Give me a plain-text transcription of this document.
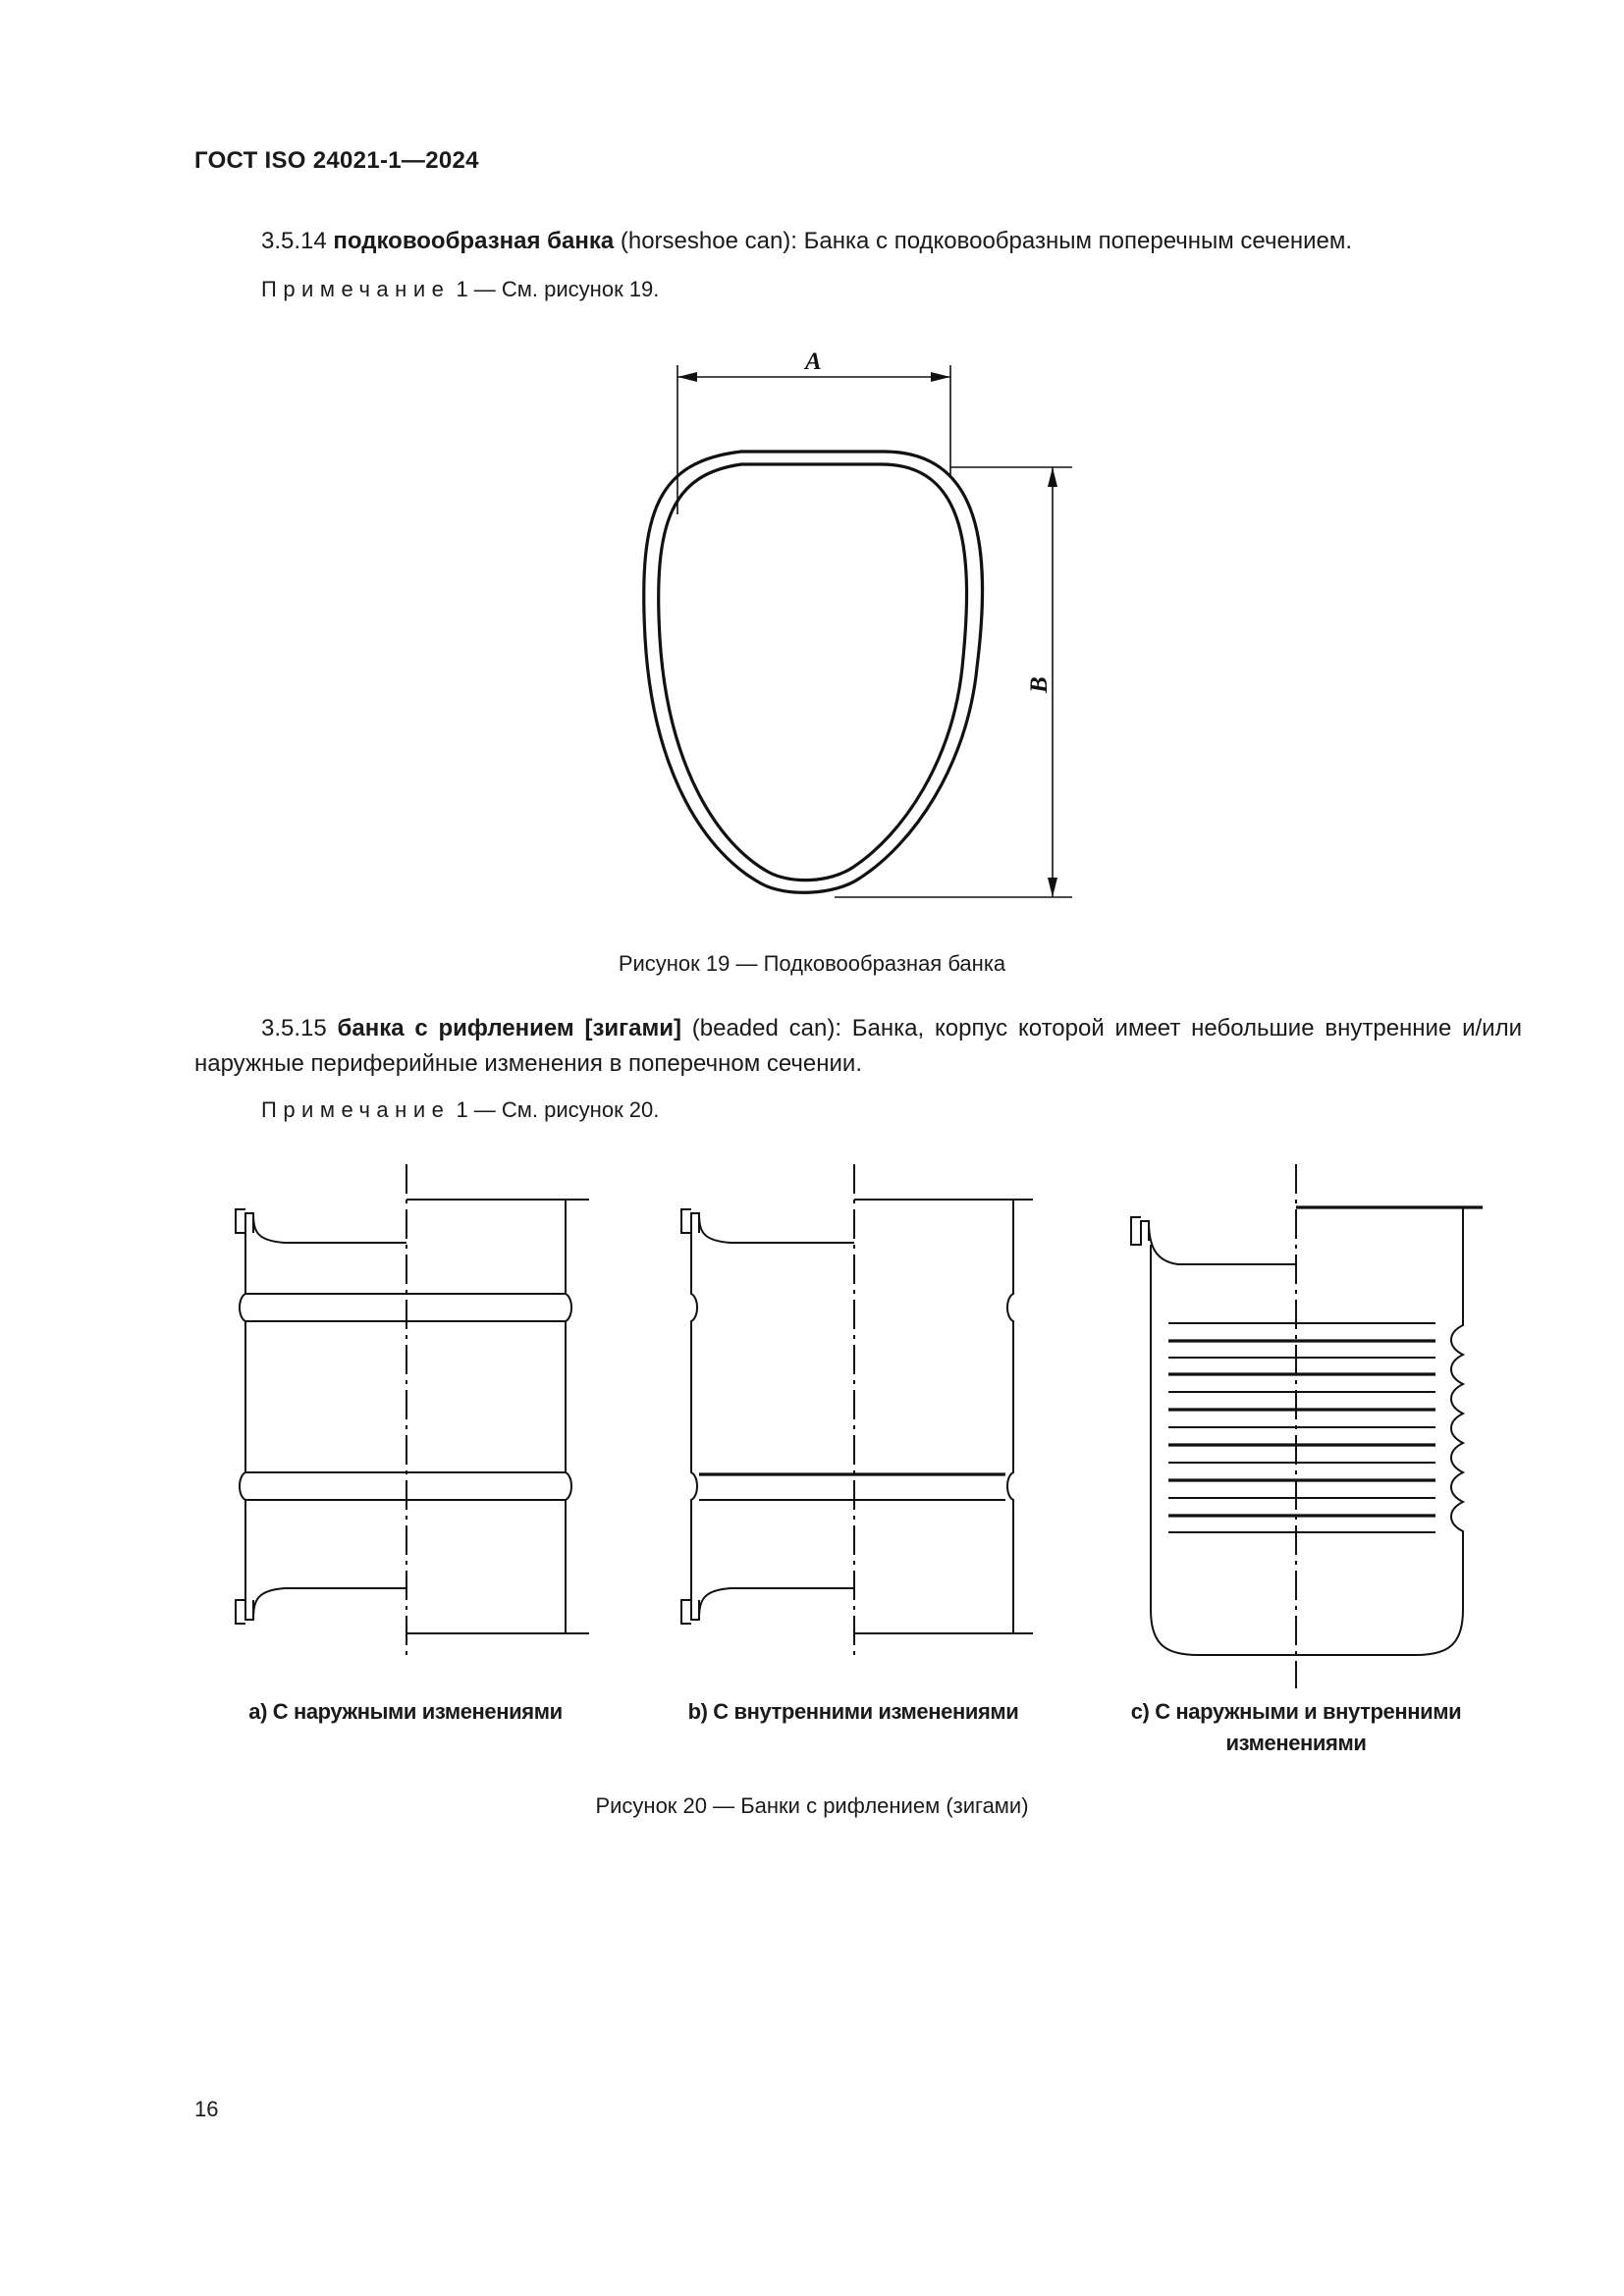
ГОСТ ISO 24021-1—2024
3.5.14 подковообразная банка (horseshoe can): Банка с подковообразным поперечным сечением.
Примечание 1 — См. рисунок 19.
A
B
Рисунок 19 — Подковообразная банка
3.5.15 банка с рифлением [зигами] (beaded can): Банка, корпус которой имеет небольшие внутренние и/или наружные периферийные изменения в поперечном сечении.
Примечание 1 — См. рисунок 20.
a) С наружными изменениями	b) С внутренними изменениями	c) С наружными и внутренними
изменениями
Рисунок 20 — Банки с рифлением (зигами)
16
